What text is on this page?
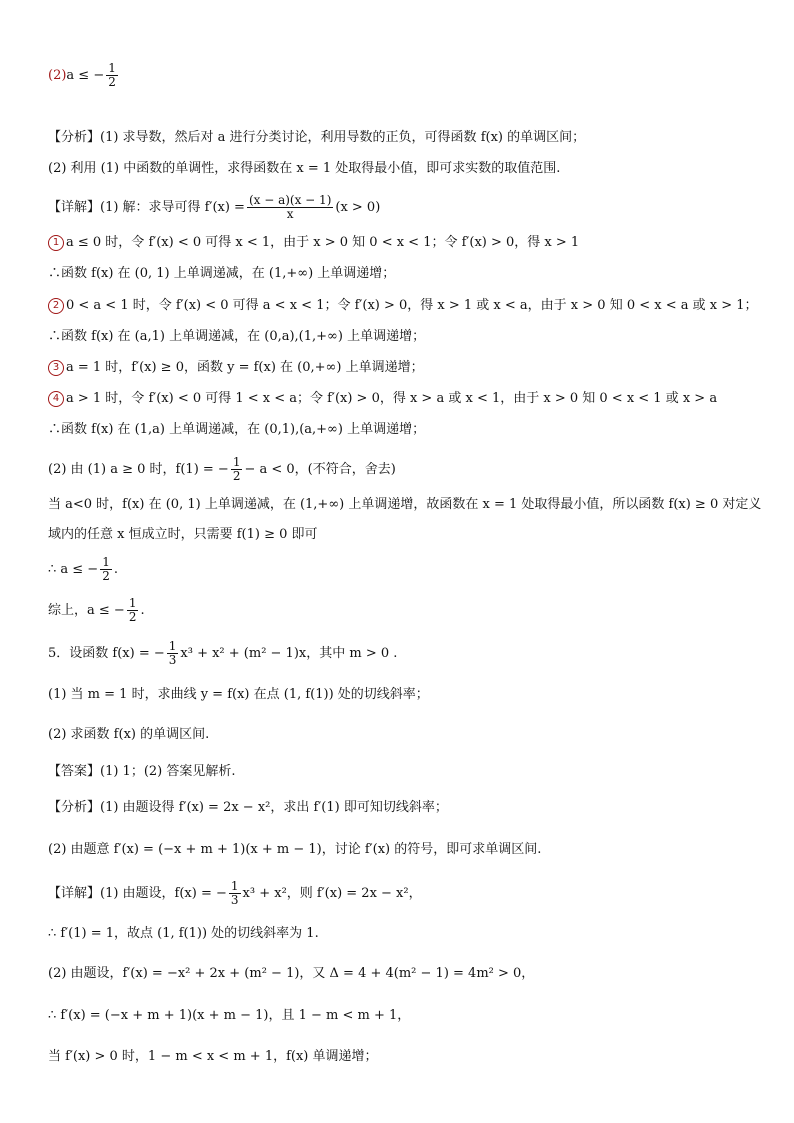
(2)a ≤ − $\frac{1}{2}$
【分析】(1) 求导数，然后对 a 进行分类讨论，利用导数的正负，可得函数 f(x) 的单调区间；
(2) 利用 (1) 中函数的单调性，求得函数在 x = 1 处取得最小值，即可求实数的取值范围.
【详解】(1) 解：求导可得 $f'(x) = \frac{(x - a)(x - 1)}{x} (x > 0)$
1 a ≤ 0 时，令 f′(x) < 0 可得 x < 1，由于 x > 0 知 0 < x < 1；令 f′(x) > 0，得 x > 1
∴函数 f(x) 在 (0, 1) 上单调递减，在 (1,+∞) 上单调递增；
2 0 < a < 1 时，令 f′(x) < 0 可得 a < x < 1；令 f′(x) > 0，得 x > 1 或 x < a，由于 x > 0 知 0 < x < a 或 x > 1；
∴函数 f(x) 在 (a,1) 上单调递减，在 (0,a),(1,+∞) 上单调递增；
3 a = 1 时，f′(x) ≥ 0，函数 y = f(x) 在 (0,+∞) 上单调递增；
4 a > 1 时，令 f′(x) < 0 可得 1 < x < a；令 f′(x) > 0，得 x > a 或 x < 1，由于 x > 0 知 0 < x < 1 或 x > a
∴函数 f(x) 在 (1,a) 上单调递减，在 (0,1),(a,+∞) 上单调递增；
(2) 由 (1) a ≥ 0 时，f(1) = − $\frac{1}{2} - a < 0$，(不符合，舍去)
当 a<0 时，f(x) 在 (0, 1) 上单调递减，在 (1,+∞) 上单调递增，故函数在 x = 1 处取得最小值，所以函数 f(x) ≥ 0 对定义
域内的任意 x 恒成立时，只需要 f(1) ≥ 0 即可
∴ a ≤ − $\frac{1}{2}$ .
综上，a ≤ − $\frac{1}{2}$ .
5．设函数 f(x) = − $\frac{1}{3} x^3 + x^2 + (m^2 - 1)x$，其中 m > 0 .
(1) 当 m = 1 时，求曲线 y = f(x) 在点 (1, f(1)) 处的切线斜率；
(2) 求函数 f(x) 的单调区间.
【答案】(1) 1；(2) 答案见解析.
【分析】(1) 由题设得 f′(x) = 2x − x²，求出 f′(1) 即可知切线斜率；
(2) 由题意 f′(x) = (−x + m + 1)(x + m − 1)，讨论 f′(x) 的符号，即可求单调区间.
【详解】(1) 由题设，f(x) = − $\frac{1}{3} x^3 + x^2$，则 f′(x) = 2x − x²，
∴ f′(1) = 1，故点 (1, f(1)) 处的切线斜率为 1.
(2) 由题设，f′(x) = −x² + 2x + (m² − 1)，又 Δ = 4 + 4(m² − 1) = 4m² > 0，
∴ f′(x) = (−x + m + 1)(x + m − 1)，且 1 − m < m + 1，
当 f′(x) > 0 时，1 − m < x < m + 1，f(x) 单调递增；
